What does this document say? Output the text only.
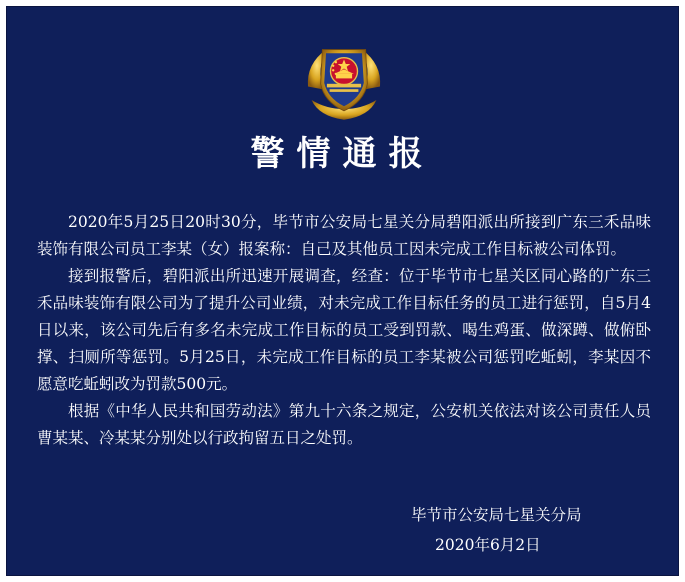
警情通报

2020年5月25日20时30分，毕节市公安局七星关分局碧阳派出所接到广东三禾品味装饰有限公司员工李某（女）报案称：自己及其他员工因未完成工作目标被公司体罚。

接到报警后，碧阳派出所迅速开展调查，经查：位于毕节市七星关区同心路的广东三禾品味装饰有限公司为了提升公司业绩，对未完成工作目标任务的员工进行惩罚，自5月4日以来，该公司先后有多名未完成工作目标的员工受到罚款、喝生鸡蛋、做深蹲、做俯卧撑、扫厕所等惩罚。5月25日，未完成工作目标的员工李某被公司惩罚吃蚯蚓，李某因不愿意吃蚯蚓改为罚款500元。

根据《中华人民共和国劳动法》第九十六条之规定，公安机关依法对该公司责任人员曹某某、冷某某分别处以行政拘留五日之处罚。

毕节市公安局七星关分局
2020年6月2日
